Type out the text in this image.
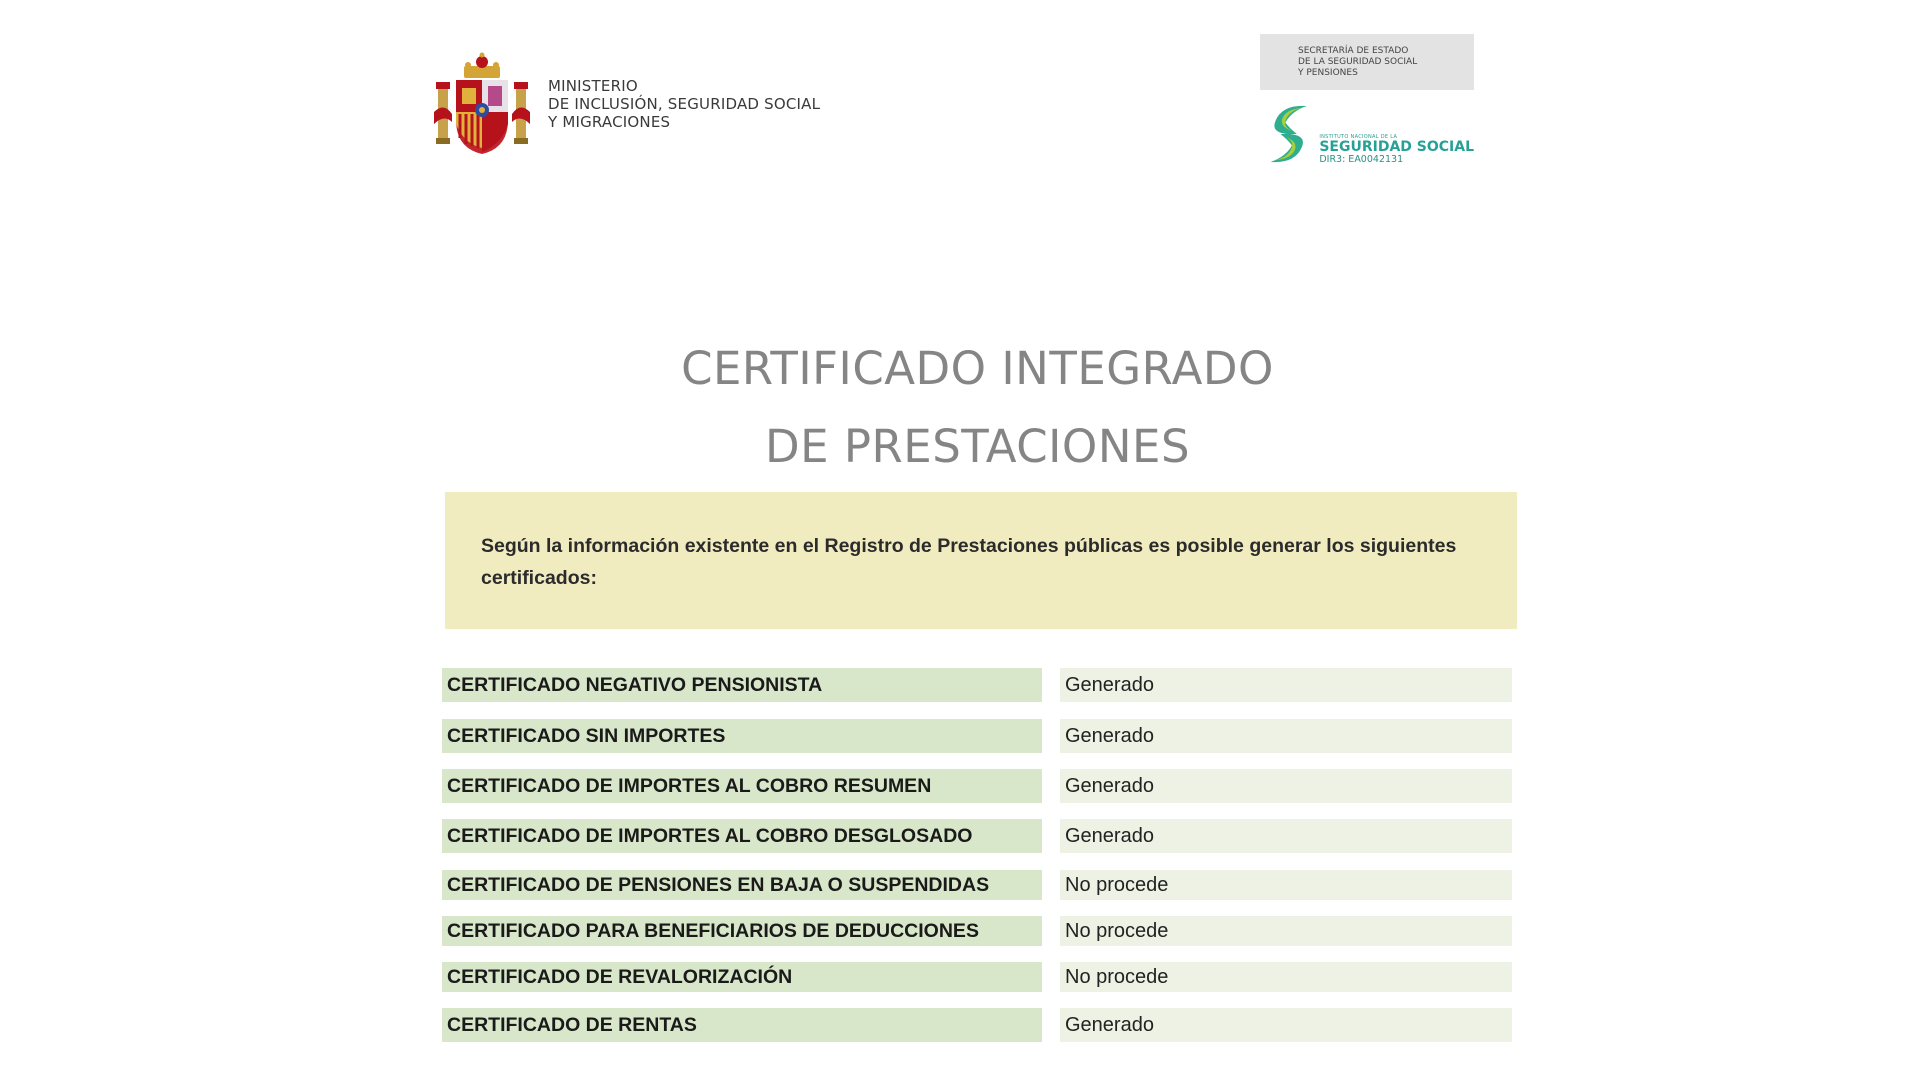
MINISTERIO
DE INCLUSIÓN, SEGURIDAD SOCIAL
Y MIGRACIONES
SECRETARÍA DE ESTADO
DE LA SEGURIDAD SOCIAL
Y PENSIONES
INSTITUTO NACIONAL DE LA
SEGURIDAD SOCIAL
DIR3: EA0042131
CERTIFICADO INTEGRADO
DE PRESTACIONES
Según la información existente en el Registro de Prestaciones públicas es posible generar los siguientes certificados:
CERTIFICADO NEGATIVO PENSIONISTA	Generado
CERTIFICADO SIN IMPORTES	Generado
CERTIFICADO DE IMPORTES AL COBRO RESUMEN	Generado
CERTIFICADO DE IMPORTES AL COBRO DESGLOSADO	Generado
CERTIFICADO DE PENSIONES EN BAJA O SUSPENDIDAS	No procede
CERTIFICADO PARA BENEFICIARIOS DE DEDUCCIONES	No procede
CERTIFICADO DE REVALORIZACIÓN	No procede
CERTIFICADO DE RENTAS	Generado
